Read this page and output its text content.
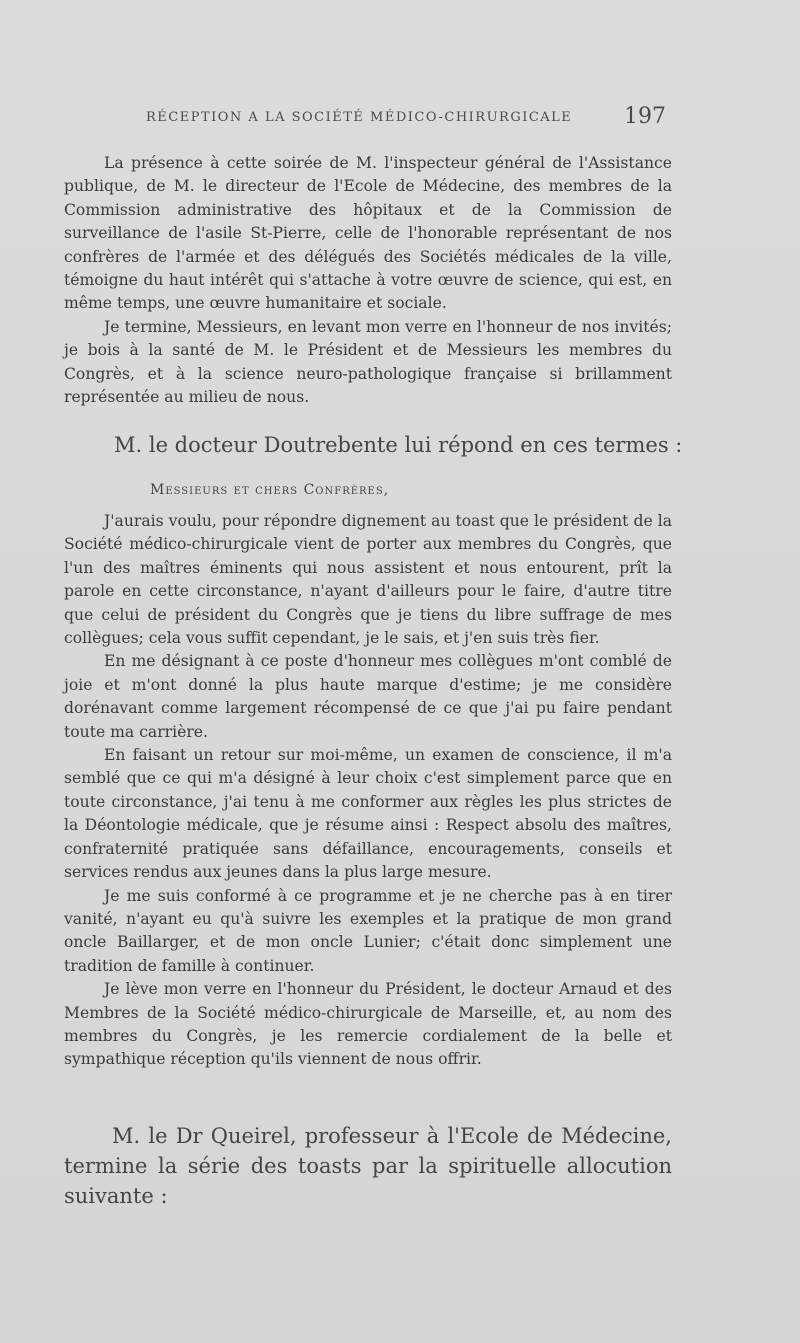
RÉCEPTION A LA SOCIÉTÉ MÉDICO-CHIRURGICALE 197

La présence à cette soirée de M. l'inspecteur général de l'Assistance publique, de M. le directeur de l'Ecole de Médecine, des membres de la Commission administrative des hôpitaux et de la Commission de surveillance de l'asile St-Pierre, celle de l'honorable représentant de nos confrères de l'armée et des délégués des Sociétés médicales de la ville, témoigne du haut intérêt qui s'attache à votre œuvre de science, qui est, en même temps, une œuvre humanitaire et sociale.

Je termine, Messieurs, en levant mon verre en l'honneur de nos invités; je bois à la santé de M. le Président et de Messieurs les membres du Congrès, et à la science neuro-pathologique française si brillamment représentée au milieu de nous.

M. le docteur Doutrebente lui répond en ces termes :

Messieurs et chers Confrères,

J'aurais voulu, pour répondre dignement au toast que le président de la Société médico-chirurgicale vient de porter aux membres du Congrès, que l'un des maîtres éminents qui nous assistent et nous entourent, prît la parole en cette circonstance, n'ayant d'ailleurs pour le faire, d'autre titre que celui de président du Congrès que je tiens du libre suffrage de mes collègues; cela vous suffit cependant, je le sais, et j'en suis très fier.

En me désignant à ce poste d'honneur mes collègues m'ont comblé de joie et m'ont donné la plus haute marque d'estime; je me considère dorénavant comme largement récompensé de ce que j'ai pu faire pendant toute ma carrière.

En faisant un retour sur moi-même, un examen de conscience, il m'a semblé que ce qui m'a désigné à leur choix c'est simplement parce que en toute circonstance, j'ai tenu à me conformer aux règles les plus strictes de la Déontologie médicale, que je résume ainsi : Respect absolu des maîtres, confraternité pratiquée sans défaillance, encouragements, conseils et services rendus aux jeunes dans la plus large mesure.

Je me suis conformé à ce programme et je ne cherche pas à en tirer vanité, n'ayant eu qu'à suivre les exemples et la pratique de mon grand oncle Baillarger, et de mon oncle Lunier; c'était donc simplement une tradition de famille à continuer.

Je lève mon verre en l'honneur du Président, le docteur Arnaud et des Membres de la Société médico-chirurgicale de Marseille, et, au nom des membres du Congrès, je les remercie cordialement de la belle et sympathique réception qu'ils viennent de nous offrir.

M. le Dr Queirel, professeur à l'Ecole de Médecine, termine la série des toasts par la spirituelle allocution suivante :
